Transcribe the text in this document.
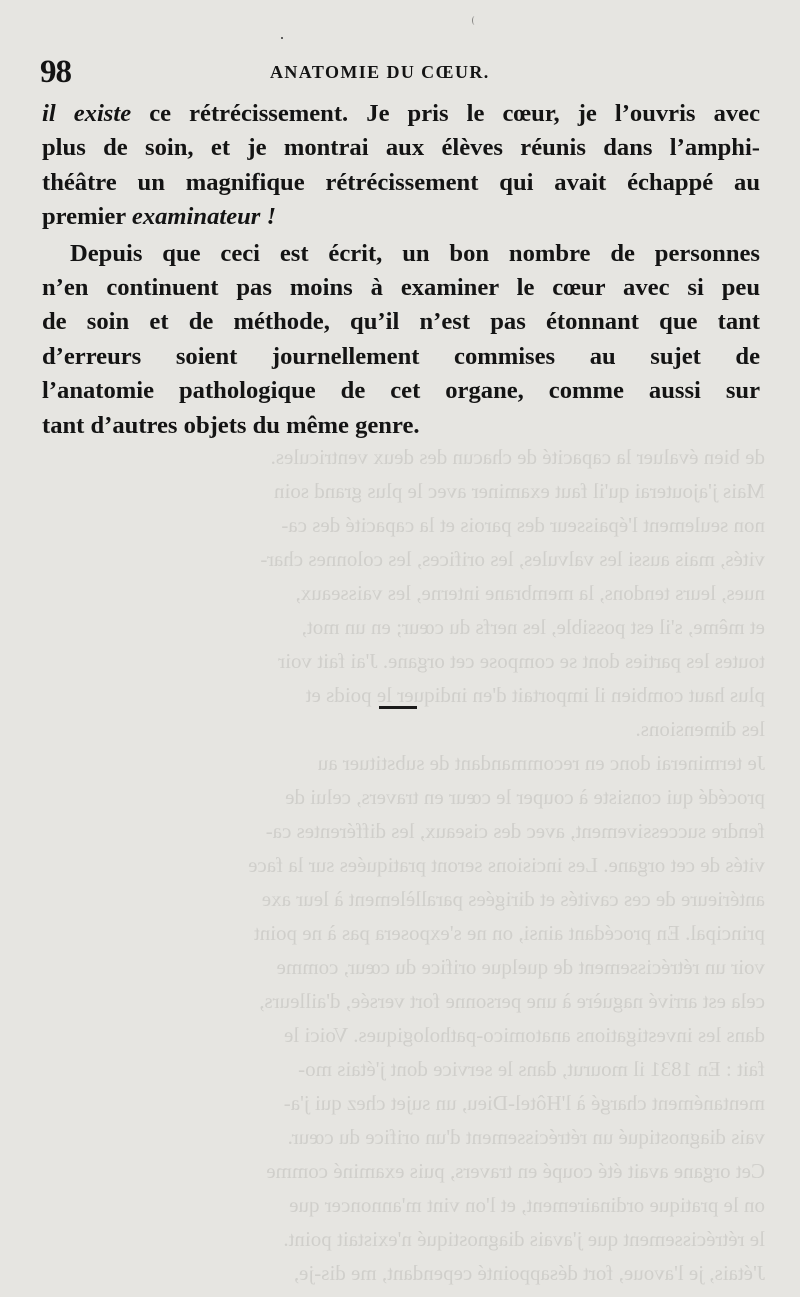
de bien évaluer la capacité de chacun des deux ventricules.
Mais j'ajouterai qu'il faut examiner avec le plus grand soin
non seulement l'épaisseur des parois et la capacité des ca-
vités, mais aussi les valvules, les orifices, les colonnes char-
nues, leurs tendons, la membrane interne, les vaisseaux,
et même, s'il est possible, les nerfs du cœur; en un mot,
toutes les parties dont se compose cet organe. J'ai fait voir
plus haut combien il importait d'en indiquer le poids et
les dimensions.
Je terminerai donc en recommandant de substituer au
procédé qui consiste à couper le cœur en travers, celui de
fendre successivement, avec des ciseaux, les différentes ca-
vités de cet organe. Les incisions seront pratiquées sur la face
antérieure de ces cavités et dirigées parallèlement à leur axe
principal. En procédant ainsi, on ne s'exposera pas à ne point
voir un rétrécissement de quelque orifice du cœur, comme
cela est arrivé naguère à une personne fort versée, d'ailleurs,
dans les investigations anatomico-pathologiques. Voici le
fait : En 1831 il mourut, dans le service dont j'étais mo-
mentanément chargé à l'Hôtel-Dieu, un sujet chez qui j'a-
vais diagnostiqué un rétrécissement d'un orifice du cœur.
Cet organe avait été coupé en travers, puis examiné comme
on le pratique ordinairement, et l'on vint m'annoncer que
le rétrécissement que j'avais diagnostiqué n'existait point.
J'étais, je l'avoue, fort désappointé cependant, me dis-je,
98	ANATOMIE DU CŒUR.

il existe ce rétrécissement. Je pris le cœur, je l’ouvris avec
plus de soin, et je montrai aux élèves réunis dans l’amphi-
théâtre un magnifique rétrécissement qui avait échappé au
premier examinateur !

Depuis que ceci est écrit, un bon nombre de personnes
n’en continuent pas moins à examiner le cœur avec si peu
de soin et de méthode, qu’il n’est pas étonnant que tant
d’erreurs soient journellement commises au sujet de
l’anatomie pathologique de cet organe, comme aussi sur
tant d’autres objets du même genre.
